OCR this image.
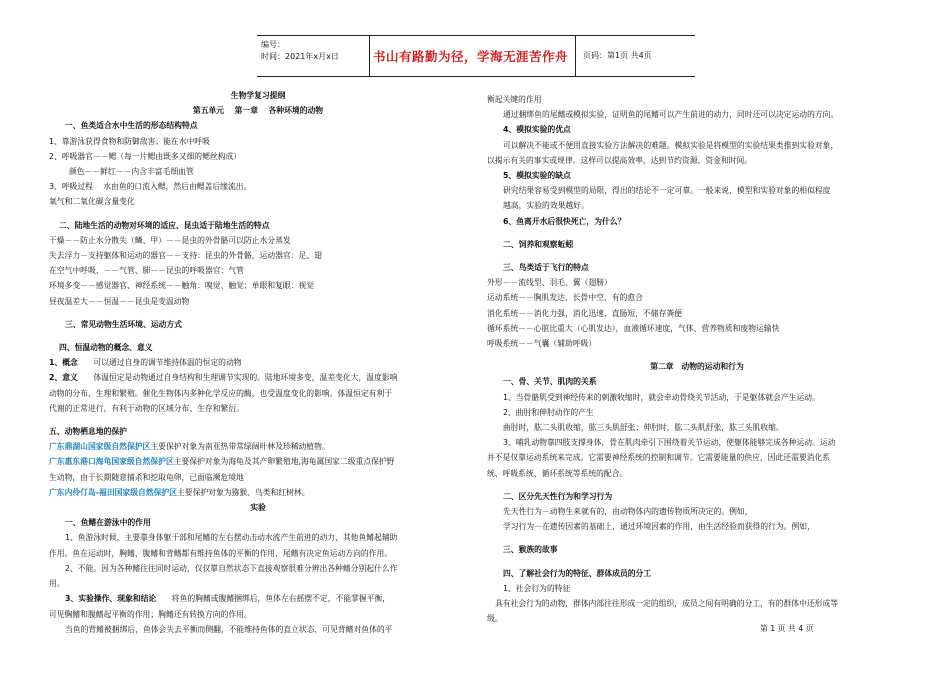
编号：
时间：2021年x月x日	书山有路勤为径，学海无涯苦作舟 页码：第1页 共4页

生物学复习提纲

第五单元　 第一章　 各种环境的动物

一、鱼类适合水中生活的形态结构特点

1、靠游泳获得食物和防御敌害；能在水中呼吸

2、呼吸器官－－鳃（每一片鳃由既多又细的鳃丝构成）

颜色－－鲜红－－内含丰富毛细血管

3、呼吸过程　 水由鱼的口流入鳃，然后由鳃盖后缘流出。

氧气和二氧化碳含量变化

二、陆地生活的动物对环境的适应、昆虫适于陆地生活的特点

干燥－－防止水分散失（鳞、甲）－－昆虫的外骨骼可以防止水分蒸发

失去浮力－支持躯体和运动的器官－－支持：昆虫的外骨骼，运动器官：足、翅

在空气中呼吸、－－气管、肺－－昆虫的呼吸器官：气管

环境多变－－感觉器官、神经系统－－触角：嗅觉、触觉；单眼和复眼：视觉

昼夜温差大－－恒温－－昆虫是变温动物

三、常见动物生活环境、运动方式

四、恒温动物的概念、意义

1、概念　　可以通过自身的调节维持体温的恒定的动物

2、意义　　体温恒定是动物通过自身结构和生理调节实现的。陆地环境多变，温差变化大，温度影响

动物的分布、生理和繁殖。催化生物体内多种化学反应的酶，也受温度变化的影响。体温恒定有利于

代谢的正常进行，有利于动物的区域分布、生存和繁衍。

五、动物栖息地的保护

广东鼎湖山国家级自然保护区主要保护对象为南亚热带常绿阔叶林及珍稀动植物。

广东惠东港口海龟国家级自然保护区主要保护对象为海龟及其产卵繁殖地,海龟属国家二级重点保护野

生动物，由于长期随意捕杀和挖取龟卵，已面临濒危境地

广东内伶仃岛-福田国家级自然保护区主要保护对象为猕猴、鸟类和红树林。

实验

一、鱼鳍在游泳中的作用

1、鱼游泳时候，主要靠身体躯干部和尾鳍的左右摆动击动水流产生前进的动力，其他鱼鳍起辅助

作用。鱼在运动时，胸鳍、腹鳍和背鳍都有维持鱼体的平衡的作用，尾鳍有决定鱼运动方向的作用。

2、不能。因为各种鳍往往同时运动，仅仅靠自然状态下直接观察很难分辨出各种鳍分别起什么作

用。

3、实验操作、现象和结论　　将鱼的胸鳍或腹鳍捆绑后，鱼体左右摇摆不定，不能掌握平衡，

可见胸鳍和腹鳍起平衡的作用；胸鳍还有转换方向的作用。

当鱼的背鳍被捆绑后，鱼体会失去平衡而侧翻，不能维持鱼体的直立状态，可见背鳍对鱼体的平

衡起关键的作用

通过捆绑鱼的尾鳍或模拟实验，证明鱼的尾鳍可以产生前进的动力，同时还可以决定运动的方向。

4、模拟实验的优点

可以解决不能或不便用直接实验方法解决的难题。模拟实验是将模型的实验结果类推到实验对象，

以揭示有关的事实或规律。这样可以提高效率，达到节约资源、资金和时间。

5、模拟实验的缺点

研究结果容易受到模型的局限，得出的结论不一定可靠。一般来说，模型和实验对象的相似程度

越高，实验的效果越好。

6、鱼离开水后很快死亡，为什么？

二、饲养和观察蚯蚓

三、鸟类适于飞行的特点

外形－－流线型、羽毛、翼（翅膀）

运动系统－－胸肌发达，长骨中空，有的愈合

消化系统－－消化力强，消化迅速，直肠短，不储存粪便

循环系统－－心脏比重大（心肌发达），血液循环速度，气体、营养物质和废物运输快

呼吸系统－－气囊（辅助呼吸）

第二章　动物的运动和行为

一、骨、关节、肌肉的关系

1、当骨骼肌受到神经传来的刺激收缩时，就会牵动骨绕关节活动，于是躯体就会产生运动。

2、曲肘和伸肘动作的产生

曲肘时，肱二头肌收缩，肱三头肌舒张；伸肘时，肱二头肌舒张，肱三头肌收缩。

3、哺乳动物靠四肢支撑身体，骨在肌肉牵引下围绕着关节运动，使躯体能够完成各种运动。运动

并不是仅靠运动系统来完成。它需要神经系统的控制和调节。它需要能量的供应，因此还需要消化系

统、呼吸系统、循环系统等系统的配合。

二、区分先天性行为和学习行为

先天性行为－动物生来就有的，由动物体内的遗传物质所决定的。例如，

学习行为－在遗传因素的基础上，通过环境因素的作用，由生活经验而获得的行为。例如，

三、猴族的故事

四、了解社会行为的特征、群体成员的分工

1、社会行为的特征

具有社会行为的动物，群体内部往往形成一定的组织，成员之间有明确的分工，有的群体中还形成等

级。

第 1 页 共 4 页
